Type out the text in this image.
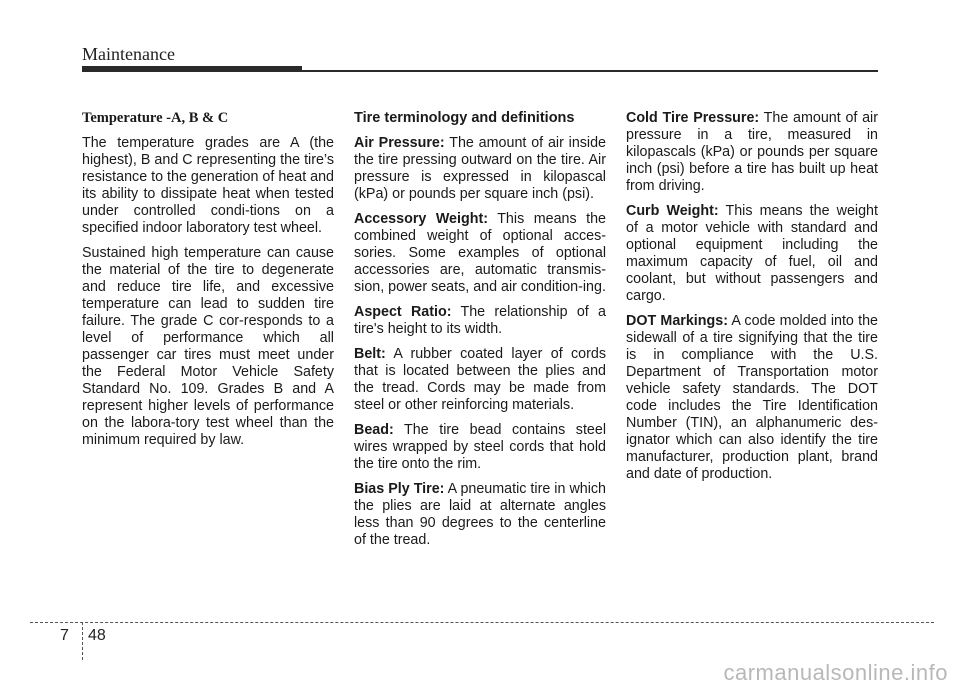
Maintenance
Temperature -A, B & C

The temperature grades are A (the highest), B and C representing the tire’s resistance to the generation of heat and its ability to dissipate heat when tested under controlled condi-tions on a specified indoor laboratory test wheel.

Sustained high temperature can cause the material of the tire to degenerate and reduce tire life, and excessive temperature can lead to sudden tire failure. The grade C cor-responds to a level of performance which all passenger car tires must meet under the Federal Motor Vehicle Safety Standard No. 109. Grades B and A represent higher levels of performance on the labora-tory test wheel than the minimum required by law.

Tire terminology and definitions

Air Pressure: The amount of air inside the tire pressing outward on the tire. Air pressure is expressed in kilopascal (kPa) or pounds per square inch (psi).

Accessory Weight: This means the combined weight of optional acces-sories. Some examples of optional accessories are, automatic transmis-sion, power seats, and air condition-ing.

Aspect Ratio: The relationship of a tire's height to its width.

Belt: A rubber coated layer of cords that is located between the plies and the tread. Cords may be made from steel or other reinforcing materials.

Bead: The tire bead contains steel wires wrapped by steel cords that hold the tire onto the rim.

Bias Ply Tire: A pneumatic tire in which the plies are laid at alternate angles less than 90 degrees to the centerline of the tread.

Cold Tire Pressure: The amount of air pressure in a tire, measured in kilopascals (kPa) or pounds per square inch (psi) before a tire has built up heat from driving.

Curb Weight: This means the weight of a motor vehicle with standard and optional equipment including the maximum capacity of fuel, oil and coolant, but without passengers and cargo.

DOT Markings: A code molded into the sidewall of a tire signifying that the tire is in compliance with the U.S. Department of Transportation motor vehicle safety standards. The DOT code includes the Tire Identification Number (TIN), an alphanumeric des-ignator which can also identify the tire manufacturer, production plant, brand and date of production.

7 48
carmanualsonline.info
